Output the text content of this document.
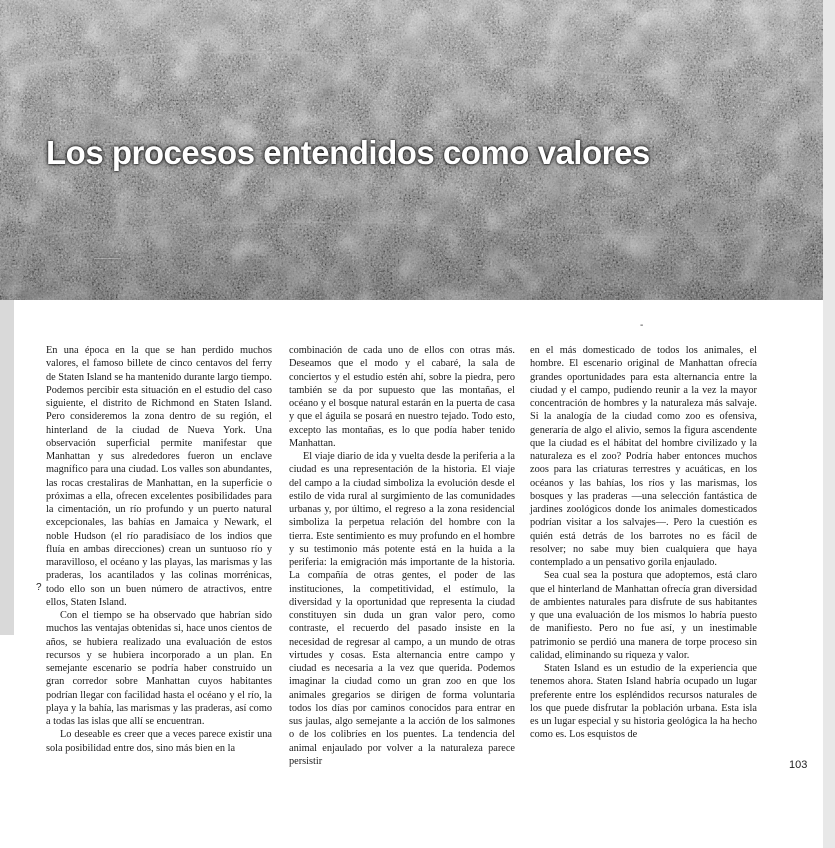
Los procesos entendidos como valores
———
-

En una época en la que se han perdido muchos valores, el famoso billete de cinco centavos del ferry de Staten Island se ha mantenido durante largo tiempo. Podemos percibir esta situación en el estudio del caso siguiente, el distrito de Richmond en Staten Island. Pero consideremos la zona dentro de su región, el hinterland de la ciudad de Nueva York. Una observación superficial permite manifestar que Manhattan y sus alrededores fueron un enclave magnífico para una ciudad. Los valles son abundantes, las rocas crestaliras de Manhattan, en la superficie o próximas a ella, ofrecen excelentes posibilidades para la cimentación, un río profundo y un puerto natural excepcionales, las bahías en Jamaica y Newark, el noble Hudson (el río paradisíaco de los indios que fluía en ambas direcciones) crean un suntuoso río y maravilloso, el océano y las playas, las marismas y las praderas, los acantilados y las colinas morrénicas, todo ello son un buen número de atractivos, entre ellos, Staten Island.

Con el tiempo se ha observado que habrían sido muchos las ventajas obtenidas si, hace unos cientos de años, se hubiera realizado una evaluación de estos recursos y se hubiera incorporado a un plan. En semejante escenario se podría haber construido un gran corredor sobre Manhattan cuyos habitantes podrían llegar con facilidad hasta el océano y el río, la playa y la bahía, las marismas y las praderas, así como a todas las islas que allí se encuentran.

Lo deseable es creer que a veces parece existir una sola posibilidad entre dos, sino más bien en la

combinación de cada uno de ellos con otras más. Deseamos que el modo y el cabaré, la sala de conciertos y el estudio estén ahí, sobre la piedra, pero también se da por supuesto que las montañas, el océano y el bosque natural estarán en la puerta de casa y que el águila se posará en nuestro tejado. Todo esto, excepto las montañas, es lo que podía haber tenido Manhattan.

El viaje diario de ida y vuelta desde la periferia a la ciudad es una representación de la historia. El viaje del campo a la ciudad simboliza la evolución desde el estilo de vida rural al surgimiento de las comunidades urbanas y, por último, el regreso a la zona residencial simboliza la perpetua relación del hombre con la tierra. Este sentimiento es muy profundo en el hombre y su testimonio más potente está en la huida a la periferia: la emigración más importante de la historia. La compañía de otras gentes, el poder de las instituciones, la competitividad, el estímulo, la diversidad y la oportunidad que representa la ciudad constituyen sin duda un gran valor pero, como contraste, el recuerdo del pasado insiste en la necesidad de regresar al campo, a un mundo de otras virtudes y cosas. Esta alternancia entre campo y ciudad es necesaria a la vez que querida. Podemos imaginar la ciudad como un gran zoo en que los animales gregarios se dirigen de forma voluntaria todos los días por caminos conocidos para entrar en sus jaulas, algo semejante a la acción de los salmones o de los colibríes en los puentes. La tendencia del animal enjaulado por volver a la naturaleza parece persistir

en el más domesticado de todos los animales, el hombre. El escenario original de Manhattan ofrecía grandes oportunidades para esta alternancia entre la ciudad y el campo, pudiendo reunir a la vez la mayor concentración de hombres y la naturaleza más salvaje. Si la analogía de la ciudad como zoo es ofensiva, generaría de algo el alivio, semos la figura ascendente que la ciudad es el hábitat del hombre civilizado y la naturaleza es el zoo? Podría haber entonces muchos zoos para las criaturas terrestres y acuáticas, en los océanos y las bahías, los ríos y las marismas, los bosques y las praderas —una selección fantástica de jardines zoológicos donde los animales domesticados podrían visitar a los salvajes—. Pero la cuestión es quién está detrás de los barrotes no es fácil de resolver; no sabe muy bien cualquiera que haya contemplado a un pensativo gorila enjaulado.

Sea cual sea la postura que adoptemos, está claro que el hinterland de Manhattan ofrecía gran diversidad de ambientes naturales para disfrute de sus habitantes y que una evaluación de los mismos lo habría puesto de manifiesto. Pero no fue así, y un inestimable patrimonio se perdió una manera de torpe proceso sin calidad, eliminando su riqueza y valor.

Staten Island es un estudio de la experiencia que tenemos ahora. Staten Island habría ocupado un lugar preferente entre los espléndidos recursos naturales de los que puede disfrutar la población urbana. Esta isla es un lugar especial y su historia geológica la ha hecho como es. Los esquistos de

?
103
